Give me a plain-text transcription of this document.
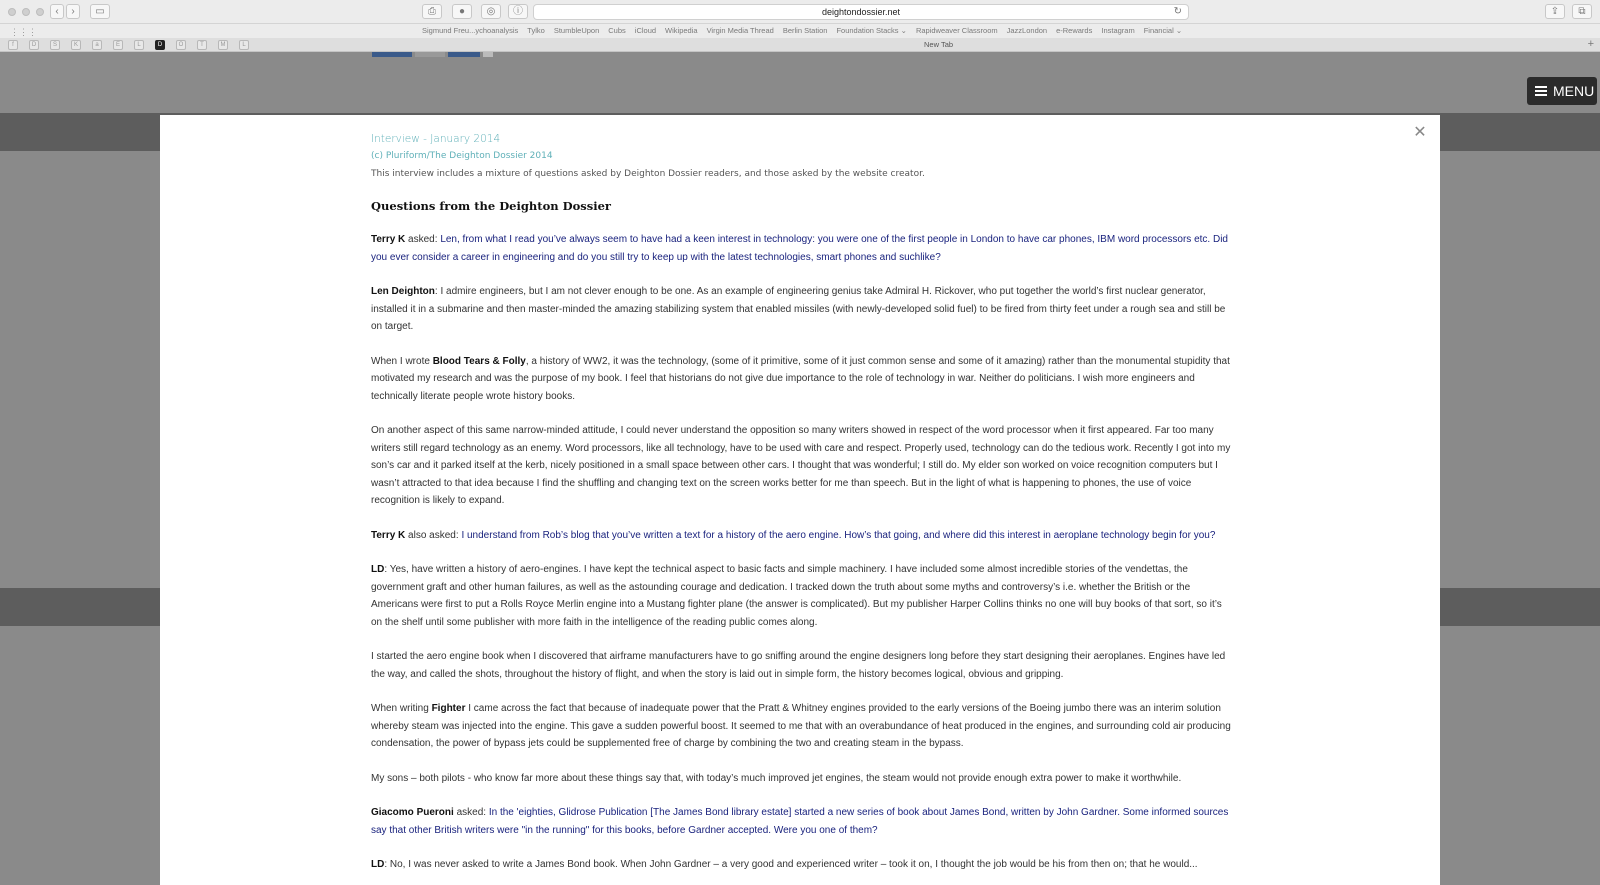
‹	›	▭	⎙	●	◎	ⓘ	deightondossier.net	↻	⇪	⧉
⋮⋮⋮	Sigmund Freu...ychoanalysis Tylko StumbleUpon Cubs iCloud Wikipedia Virgin Media Thread Berlin Station Foundation Stacks ⌄ Rapidweaver Classroom JazzLondon e-Rewards Instagram Financial ⌄
f	D	S	K	a	E	L	D	O	T	M	L	New Tab	+
MENU
✕
Interview - January 2014
(c) Pluriform/The Deighton Dossier 2014
This interview includes a mixture of questions asked by Deighton Dossier readers, and those asked by the website creator.
Questions from the Deighton Dossier

Terry K asked: Len, from what I read you’ve always seem to have had a keen interest in technology: you were one of the first people in London to have car phones, IBM word processors etc. Did you ever consider a career in engineering and do you still try to keep up with the latest technologies, smart phones and suchlike?

Len Deighton: I admire engineers, but I am not clever enough to be one. As an example of engineering genius take Admiral H. Rickover, who put together the world’s first nuclear generator, installed it in a submarine and then master-minded the amazing stabilizing system that enabled missiles (with newly-developed solid fuel) to be fired from thirty feet under a rough sea and still be on target.

When I wrote Blood Tears & Folly, a history of WW2, it was the technology, (some of it primitive, some of it just common sense and some of it amazing) rather than the monumental stupidity that motivated my research and was the purpose of my book. I feel that historians do not give due importance to the role of technology in war. Neither do politicians. I wish more engineers and technically literate people wrote history books.

On another aspect of this same narrow-minded attitude, I could never understand the opposition so many writers showed in respect of the word processor when it first appeared. Far too many writers still regard technology as an enemy. Word processors, like all technology, have to be used with care and respect. Properly used, technology can do the tedious work. Recently I got into my son’s car and it parked itself at the kerb, nicely positioned in a small space between other cars. I thought that was wonderful; I still do. My elder son worked on voice recognition computers but I wasn’t attracted to that idea because I find the shuffling and changing text on the screen works better for me than speech. But in the light of what is happening to phones, the use of voice recognition is likely to expand.

Terry K also asked: I understand from Rob’s blog that you’ve written a text for a history of the aero engine. How’s that going, and where did this interest in aeroplane technology begin for you?

LD: Yes, have written a history of aero-engines. I have kept the technical aspect to basic facts and simple machinery. I have included some almost incredible stories of the vendettas, the government graft and other human failures, as well as the astounding courage and dedication. I tracked down the truth about some myths and controversy’s i.e. whether the British or the Americans were first to put a Rolls Royce Merlin engine into a Mustang fighter plane (the answer is complicated). But my publisher Harper Collins thinks no one will buy books of that sort, so it’s on the shelf until some publisher with more faith in the intelligence of the reading public comes along.

I started the aero engine book when I discovered that airframe manufacturers have to go sniffing around the engine designers long before they start designing their aeroplanes. Engines have led the way, and called the shots, throughout the history of flight, and when the story is laid out in simple form, the history becomes logical, obvious and gripping.

When writing Fighter I came across the fact that because of inadequate power that the Pratt & Whitney engines provided to the early versions of the Boeing jumbo there was an interim solution whereby steam was injected into the engine. This gave a sudden powerful boost. It seemed to me that with an overabundance of heat produced in the engines, and surrounding cold air producing condensation, the power of bypass jets could be supplemented free of charge by combining the two and creating steam in the bypass.

My sons – both pilots - who know far more about these things say that, with today’s much improved jet engines, the steam would not provide enough extra power to make it worthwhile.

Giacomo Pueroni asked: In the 'eighties, Glidrose Publication [The James Bond library estate] started a new series of book about James Bond, written by John Gardner. Some informed sources say that other British writers were "in the running" for this books, before Gardner accepted. Were you one of them?

LD: No, I was never asked to write a James Bond book. When John Gardner – a very good and experienced writer – took it on, I thought the job would be his from then on; that he would...
